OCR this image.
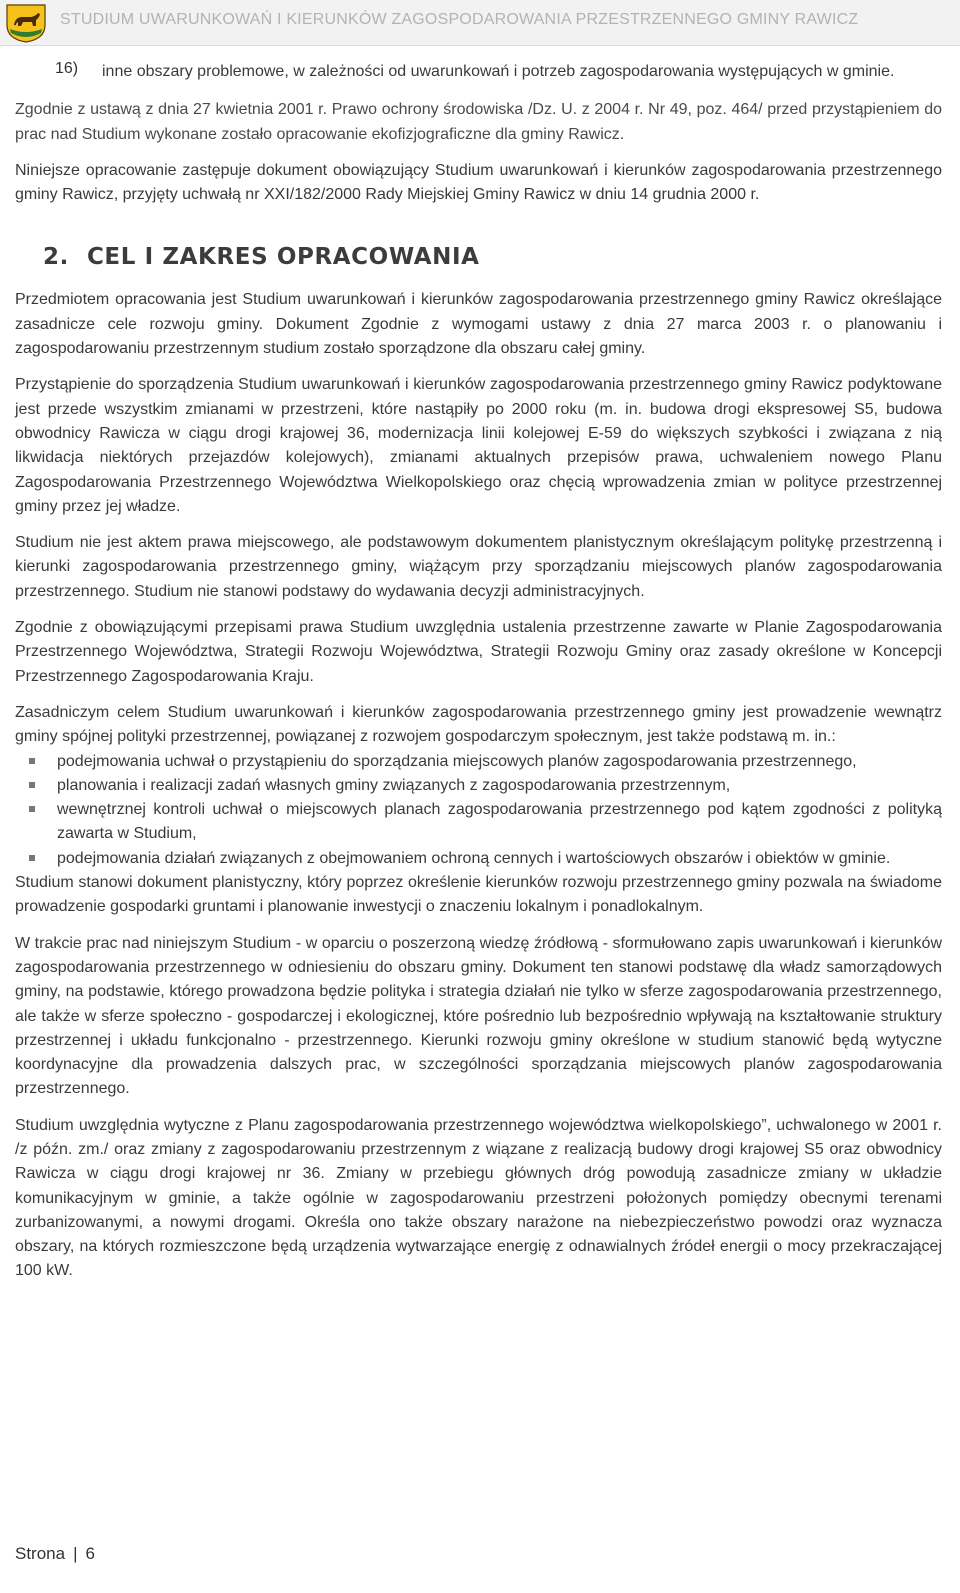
STUDIUM UWARUNKOWAŃ I KIERUNKÓW ZAGOSPODAROWANIA PRZESTRZENNEGO GMINY RAWICZ
16)	inne obszary problemowe, w zależności od uwarunkowań i potrzeb zagospodarowania występujących w gminie.

Zgodnie z ustawą z dnia 27 kwietnia 2001 r. Prawo ochrony środowiska /Dz. U. z 2004 r. Nr 49, poz. 464/ przed przystąpieniem do prac nad Studium wykonane zostało opracowanie ekofizjograficzne dla gminy Rawicz.

Niniejsze opracowanie zastępuje dokument obowiązujący Studium uwarunkowań i kierunków zagospodarowania przestrzennego gminy Rawicz, przyjęty uchwałą nr XXI/182/2000 Rady Miejskiej Gminy Rawicz w dniu 14 grudnia 2000 r.

2. CEL I ZAKRES OPRACOWANIA

Przedmiotem opracowania jest Studium uwarunkowań i kierunków zagospodarowania przestrzennego gminy Rawicz określające zasadnicze cele rozwoju gminy. Dokument Zgodnie z wymogami ustawy z dnia 27 marca 2003 r. o planowaniu i zagospodarowaniu przestrzennym studium zostało sporządzone dla obszaru całej gminy.

Przystąpienie do sporządzenia Studium uwarunkowań i kierunków zagospodarowania przestrzennego gminy Rawicz podyktowane jest przede wszystkim zmianami w przestrzeni, które nastąpiły po 2000 roku (m. in. budowa drogi ekspresowej S5, budowa obwodnicy Rawicza w ciągu drogi krajowej 36, modernizacja linii kolejowej E-59 do większych szybkości i związana z nią likwidacja niektórych przejazdów kolejowych), zmianami aktualnych przepisów prawa, uchwaleniem nowego Planu Zagospodarowania Przestrzennego Województwa Wielkopolskiego oraz chęcią wprowadzenia zmian w polityce przestrzennej gminy przez jej władze.

Studium nie jest aktem prawa miejscowego, ale podstawowym dokumentem planistycznym określającym politykę przestrzenną i kierunki zagospodarowania przestrzennego gminy, wiążącym przy sporządzaniu miejscowych planów zagospodarowania przestrzennego. Studium nie stanowi podstawy do wydawania decyzji administracyjnych.

Zgodnie z obowiązującymi przepisami prawa Studium uwzględnia ustalenia przestrzenne zawarte w Planie Zagospodarowania Przestrzennego Województwa, Strategii Rozwoju Województwa, Strategii Rozwoju Gminy oraz zasady określone w Koncepcji Przestrzennego Zagospodarowania Kraju.

Zasadniczym celem Studium uwarunkowań i kierunków zagospodarowania przestrzennego gminy jest prowadzenie wewnątrz gminy spójnej polityki przestrzennej, powiązanej z rozwojem gospodarczym społecznym, jest także podstawą m. in.:

podejmowania uchwał o przystąpieniu do sporządzania miejscowych planów zagospodarowania przestrzennego,
planowania i realizacji zadań własnych gminy związanych z zagospodarowania przestrzennym,
wewnętrznej kontroli uchwał o miejscowych planach zagospodarowania przestrzennego pod kątem zgodności z polityką zawarta w Studium,
podejmowania działań związanych z obejmowaniem ochroną cennych i wartościowych obszarów i obiektów w gminie.

Studium stanowi dokument planistyczny, który poprzez określenie kierunków rozwoju przestrzennego gminy pozwala na świadome prowadzenie gospodarki gruntami i planowanie inwestycji o znaczeniu lokalnym i ponadlokalnym.

W trakcie prac nad niniejszym Studium - w oparciu o poszerzoną wiedzę źródłową - sformułowano zapis uwarunkowań i kierunków zagospodarowania przestrzennego w odniesieniu do obszaru gminy. Dokument ten stanowi podstawę dla władz samorządowych gminy, na podstawie, którego prowadzona będzie polityka i strategia działań nie tylko w sferze zagospodarowania przestrzennego, ale także w sferze społeczno - gospodarczej i ekologicznej, które pośrednio lub bezpośrednio wpływają na kształtowanie struktury przestrzennej i układu funkcjonalno - przestrzennego. Kierunki rozwoju gminy określone w studium stanowić będą wytyczne koordynacyjne dla prowadzenia dalszych prac, w szczególności sporządzania miejscowych planów zagospodarowania przestrzennego.

Studium uwzględnia wytyczne z Planu zagospodarowania przestrzennego województwa wielkopolskiego”, uchwalonego w 2001 r. /z późn. zm./ oraz zmiany z zagospodarowaniu przestrzennym z wiązane z realizacją budowy drogi krajowej S5 oraz obwodnicy Rawicza w ciągu drogi krajowej nr 36. Zmiany w przebiegu głównych dróg powodują zasadnicze zmiany w układzie komunikacyjnym w gminie, a także ogólnie w zagospodarowaniu przestrzeni położonych pomiędzy obecnymi terenami zurbanizowanymi, a nowymi drogami. Określa ono także obszary narażone na niebezpieczeństwo powodzi oraz wyznacza obszary, na których rozmieszczone będą urządzenia wytwarzające energię z odnawialnych źródeł energii o mocy przekraczającej 100 kW.

Strona | 6
